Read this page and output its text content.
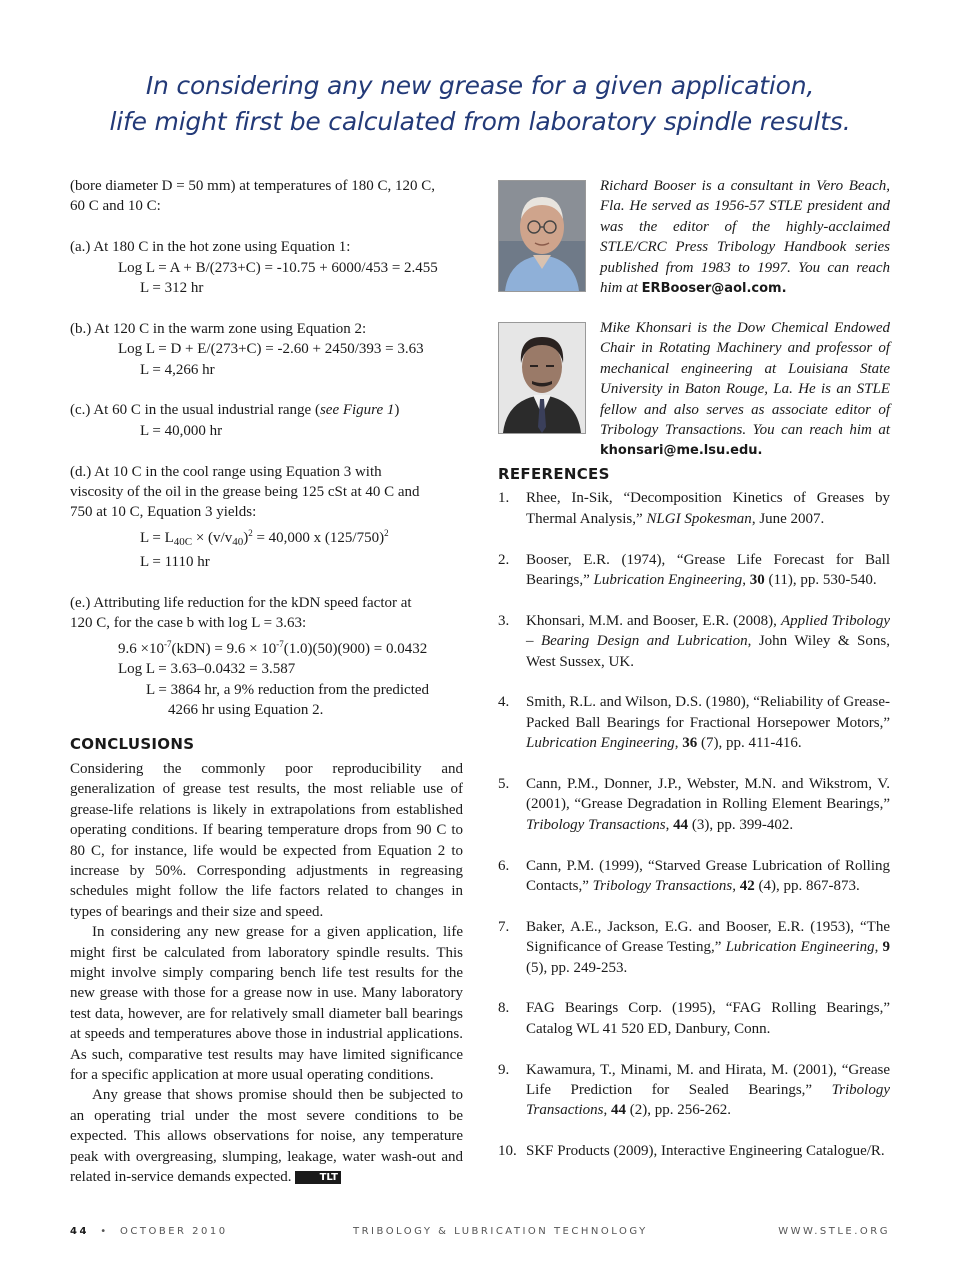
In considering any new grease for a given application,
life might first be calculated from laboratory spindle results.
(bore diameter D = 50 mm) at temperatures of 180 C, 120 C,
60 C and 10 C:
(a.) At 180 C in the hot zone using Equation 1:
Log L = A + B/(273+C) = -10.75 + 6000/453 = 2.455
L = 312 hr
(b.) At 120 C in the warm zone using Equation 2:
Log L = D + E/(273+C) = -2.60 + 2450/393 = 3.63
L = 4,266 hr
(c.) At 60 C in the usual industrial range (see Figure 1)
L = 40,000 hr
(d.) At 10 C in the cool range using Equation 3 with
viscosity of the oil in the grease being 125 cSt at 40 C and
750 at 10 C, Equation 3 yields:
$L = L_{40C} \times (v/v_{40})^2 = 40,000$ x $(125/750)^2$
L = 1110 hr
(e.) Attributing life reduction for the kDN speed factor at
120 C, for the case b with log L = 3.63:
$9.6 \times 10^{-7}(kDN) = 9.6 \times 10^{-7}(1.0)(50)(900) = 0.0432$
Log L = 3.63–0.0432 = 3.587
L = 3864 hr, a 9% reduction from the predicted
4266 hr using Equation 2.
CONCLUSIONS

Considering the commonly poor reproducibility and generalization of grease test results, the most reliable use of grease-life relations is likely in extrapolations from established operating conditions. If bearing temperature drops from 90 C to 80 C, for instance, life would be expected from Equation 2 to increase by 50%. Corresponding adjustments in regreasing schedules might follow the life factors related to changes in types of bearings and their size and speed.

In considering any new grease for a given application, life might first be calculated from laboratory spindle results. This might involve simply comparing bench life test results for the new grease with those for a grease now in use. Many laboratory test data, however, are for relatively small diameter ball bearings at speeds and temperatures above those in industrial applications. As such, comparative test results may have limited significance for a specific application at more usual operating conditions.

Any grease that shows promise should then be subjected to an operating trial under the most severe conditions to be expected. This allows observations for noise, any temperature peak with overgreasing, slumping, leakage, water wash-out and related in-service demands expected.	TLT

Richard Booser is a consultant in Vero Beach, Fla. He served as 1956-57 STLE president and was the editor of the highly-acclaimed STLE/CRC Press Tribology Handbook series published from 1983 to 1997. You can reach him at ERBooser@aol.com.
Mike Khonsari is the Dow Chemical Endowed Chair in Rotating Machinery and professor of mechanical engineering at Louisiana State University in Baton Rouge, La. He is an STLE fellow and also serves as associate editor of Tribology Transactions. You can reach him at khonsari@me.lsu.edu.
REFERENCES
1.	Rhee, In-Sik, “Decomposition Kinetics of Greases by Thermal Analysis,” NLGI Spokesman, June 2007.
2.	Booser, E.R. (1974), “Grease Life Forecast for Ball Bearings,” Lubrication Engineering, 30 (11), pp. 530-540.
3.	Khonsari, M.M. and Booser, E.R. (2008), Applied Tribology – Bearing Design and Lubrication, John Wiley & Sons, West Sussex, UK.
4.	Smith, R.L. and Wilson, D.S. (1980), “Reliability of Grease-Packed Ball Bearings for Fractional Horsepower Motors,” Lubrication Engineering, 36 (7), pp. 411-416.
5.	Cann, P.M., Donner, J.P., Webster, M.N. and Wikstrom, V. (2001), “Grease Degradation in Rolling Element Bearings,” Tribology Transactions, 44 (3), pp. 399-402.
6.	Cann, P.M. (1999), “Starved Grease Lubrication of Rolling Contacts,” Tribology Transactions, 42 (4), pp. 867-873.
7.	Baker, A.E., Jackson, E.G. and Booser, E.R. (1953), “The Significance of Grease Testing,” Lubrication Engineering, 9 (5), pp. 249-253.
8.	FAG Bearings Corp. (1995), “FAG Rolling Bearings,” Catalog WL 41 520 ED, Danbury, Conn.
9.	Kawamura, T., Minami, M. and Hirata, M. (2001), “Grease Life Prediction for Sealed Bearings,” Tribology Transactions, 44 (2), pp. 256-262.
10. SKF Products (2009), Interactive Engineering Catalogue/R.
44 • OCTOBER 2010	TRIBOLOGY & LUBRICATION TECHNOLOGY	WWW.STLE.ORG
